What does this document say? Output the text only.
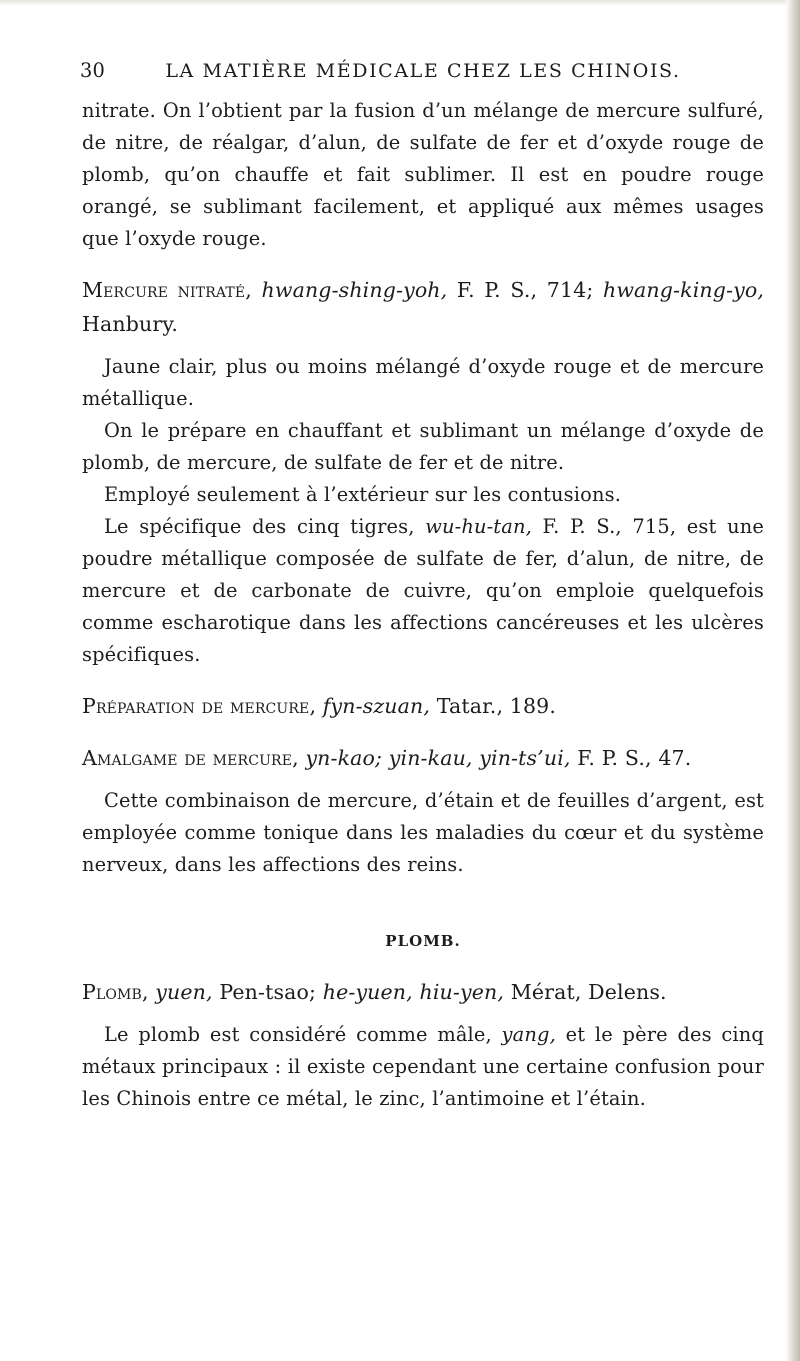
30	LA MATIÈRE MÉDICALE CHEZ LES CHINOIS.

nitrate. On l’obtient par la fusion d’un mélange de mercure sulfuré, de nitre, de réalgar, d’alun, de sulfate de fer et d’oxyde rouge de plomb, qu’on chauffe et fait sublimer. Il est en poudre rouge orangé, se sublimant facilement, et appliqué aux mêmes usages que l’oxyde rouge.

Mercure nitraté, hwang-shing-yoh, F. P. S., 714; hwang-king-yo, Hanbury.

Jaune clair, plus ou moins mélangé d’oxyde rouge et de mercure métallique.

On le prépare en chauffant et sublimant un mélange d’oxyde de plomb, de mercure, de sulfate de fer et de nitre.

Employé seulement à l’extérieur sur les contusions.

Le spécifique des cinq tigres, wu-hu-tan, F. P. S., 715, est une poudre métallique composée de sulfate de fer, d’alun, de nitre, de mercure et de carbonate de cuivre, qu’on emploie quelquefois comme escharotique dans les affections cancéreuses et les ulcères spécifiques.

Préparation de mercure, fyn-szuan, Tatar., 189.

Amalgame de mercure, yn-kao; yin-kau, yin-ts’ui, F. P. S., 47.

Cette combinaison de mercure, d’étain et de feuilles d’argent, est employée comme tonique dans les maladies du cœur et du système nerveux, dans les affections des reins.

PLOMB.

Plomb, yuen, Pen-tsao; he-yuen, hiu-yen, Mérat, Delens.

Le plomb est considéré comme mâle, yang, et le père des cinq métaux principaux : il existe cependant une certaine confusion pour les Chinois entre ce métal, le zinc, l’antimoine et l’étain.
